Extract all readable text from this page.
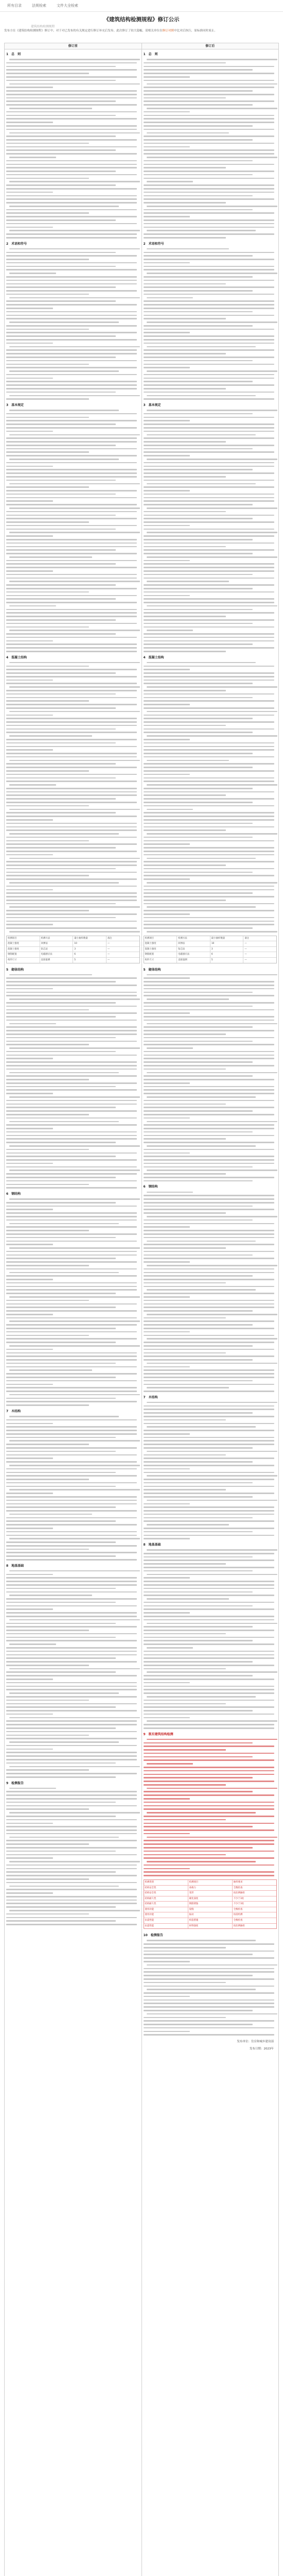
所有目录	法规检索	文件大全检索
《建筑结构检测规程》修订公示
建筑结构检测规程
发布方在《建筑结构检测规程》修订中，对于对已发布的有关规定进行修订补充后发布。此次修订了较大篇幅，请相关单位在修订对照中比对后执行，原标准同时废止。
修订前	修订后
1　总　则
2　术语和符号
3　基本规定
4　混凝土结构
检测项目	检测方法	最小抽样数量	备注
混凝土强度	回弹法	10	—
混凝土强度	钻芯法	3	—
钢筋配置	电磁感应法	6	—
构件尺寸	直接量测	5	—
5　砌体结构
6　钢结构
7　木结构
8　地基基础
9　检测报告
1　总　则
2　术语和符号
3　基本规定
4　混凝土结构
检测项目	检测方法	最小抽样数量	备注
混凝土强度	回弹法	10	—
混凝土强度	钻芯法	3	—
钢筋配置	电磁感应法	6	—
构件尺寸	直接量测	5	—
5　砌体结构
6　钢结构
7　木结构
8　地基基础
9　既有建筑结构检测
检测类别	检测项目	抽样要求
结构安全性	承载力	全数检查
结构安全性	变形	按比例抽检
结构耐久性	碳化深度	不少于3处
结构耐久性	钢筋锈蚀	不少于3处
使用功能	裂缝	全数检查
使用功能	振动	按需检测
抗震性能	构造措施	全数检查
抗震性能	材料强度	按比例抽检
10　检测报告
发布单位：住房和城乡建设部
发布日期：2023年
